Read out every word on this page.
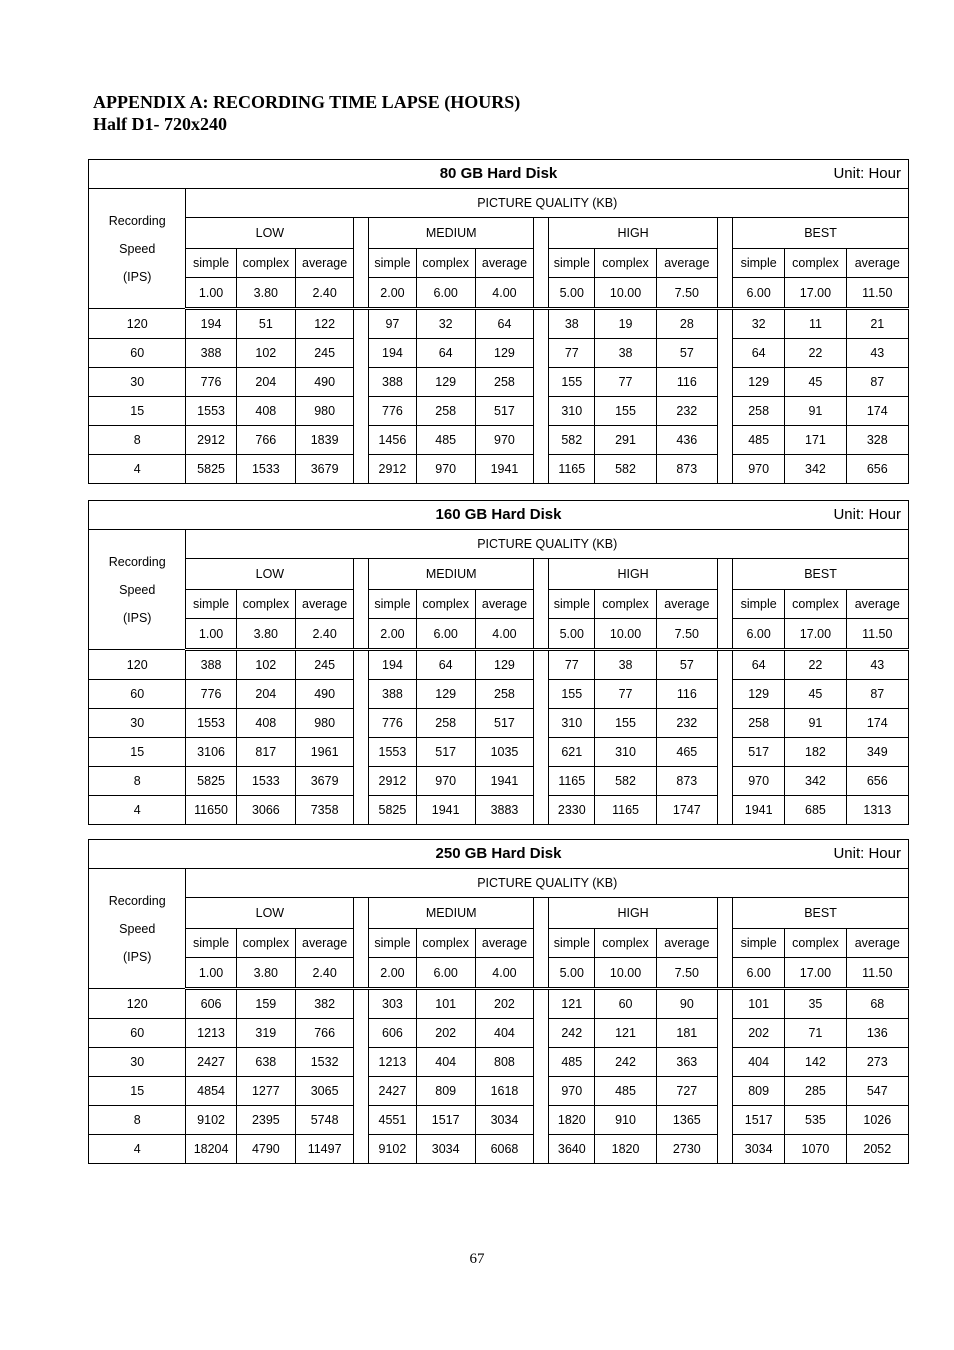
APPENDIX A: RECORDING TIME LAPSE (HOURS)
Half D1- 720x240
80 GB Hard Disk Unit: Hour															

Recording
Speed
(IPS)	PICTURE QUALITY (KB)														
	LOW				MEDIUM				HIGH				BEST		
	simple	complex	average		simple	complex	average		simple	complex	average		simple	complex	average
	1.00	3.80	2.40		2.00	6.00	4.00		5.00	10.00	7.50		6.00	17.00	11.50
120	194	51	122		97	32	64		38	19	28		32	11	21
60	388	102	245		194	64	129		77	38	57		64	22	43
30	776	204	490		388	129	258		155	77	116		129	45	87
15	1553	408	980		776	258	517		310	155	232		258	91	174
8	2912	766	1839		1456	485	970		582	291	436		485	171	328
4	5825	1533	3679		2912	970	1941		1165	582	873		970	342	656
160 GB Hard Disk Unit: Hour															

Recording
Speed
(IPS)	PICTURE QUALITY (KB)														
	LOW				MEDIUM				HIGH				BEST		
	simple	complex	average		simple	complex	average		simple	complex	average		simple	complex	average
	1.00	3.80	2.40		2.00	6.00	4.00		5.00	10.00	7.50		6.00	17.00	11.50
120	388	102	245		194	64	129		77	38	57		64	22	43
60	776	204	490		388	129	258		155	77	116		129	45	87
30	1553	408	980		776	258	517		310	155	232		258	91	174
15	3106	817	1961		1553	517	1035		621	310	465		517	182	349
8	5825	1533	3679		2912	970	1941		1165	582	873		970	342	656
4	11650	3066	7358		5825	1941	3883		2330	1165	1747		1941	685	1313
250 GB Hard Disk Unit: Hour															

Recording
Speed
(IPS)	PICTURE QUALITY (KB)														
	LOW				MEDIUM				HIGH				BEST		
	simple	complex	average		simple	complex	average		simple	complex	average		simple	complex	average
	1.00	3.80	2.40		2.00	6.00	4.00		5.00	10.00	7.50		6.00	17.00	11.50
120	606	159	382		303	101	202		121	60	90		101	35	68
60	1213	319	766		606	202	404		242	121	181		202	71	136
30	2427	638	1532		1213	404	808		485	242	363		404	142	273
15	4854	1277	3065		2427	809	1618		970	485	727		809	285	547
8	9102	2395	5748		4551	1517	3034		1820	910	1365		1517	535	1026
4	18204	4790	11497		9102	3034	6068		3640	1820	2730		3034	1070	2052
67
